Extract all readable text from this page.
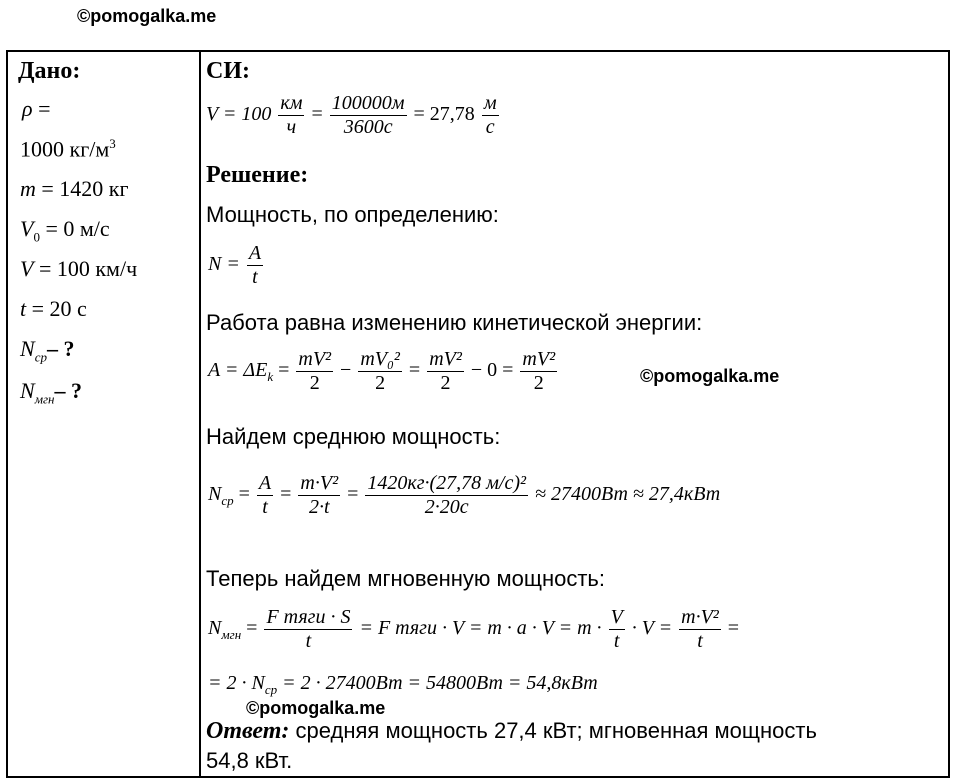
©pomogalka.me
Дано:
ρ =
1000 $кг/м^3$
m = 1420 кг
$V_0 = 0$ м/с
V = 100 км/ч
t = 20 с
$N_{ср}-$ ?
$N_{мгн}-$ ?
СИ:
$V = 100 \frac{км}{ч} = \frac{100000м}{3600с} = 27,78 \frac{м}{с}$
Решение:
Мощность, по определению:
$N = \frac{A}{t}$
Работа равна изменению кинетической энергии:
$A = \Delta E_k = \frac{\text{mV²}}{2} - \frac{\text{mV₀²}}{2} = \frac{\text{mV²}}{2} - 0 = \frac{\text{mV²}}{2}$	©pomogalka.me
Найдем среднюю мощность:
$N_{ср} = \frac{A}{t} = \frac{\text{m·V²}}{2\cdot t} = \frac{\text{1420кг·(27,78 м/с)²}}{2\cdot 20с} \approx 27400Вт \approx 27,4кВт$
Теперь найдем мгновенную мощность:
$N_{мгн} = \frac{\text{F тяги · S}}{t} = F$ тяги · $V = m \cdot a \cdot V = m \cdot \frac{V}{t} \cdot V = \frac{\text{m·V²}}{t}$ =
= $2 \cdot N_{ср} = 2 \cdot 27400Вт = 54800Вт = 54,8кВт$
©pomogalka.me
Ответ: средняя мощность 27,4 кВт; мгновенная мощность
54,8 кВт.
